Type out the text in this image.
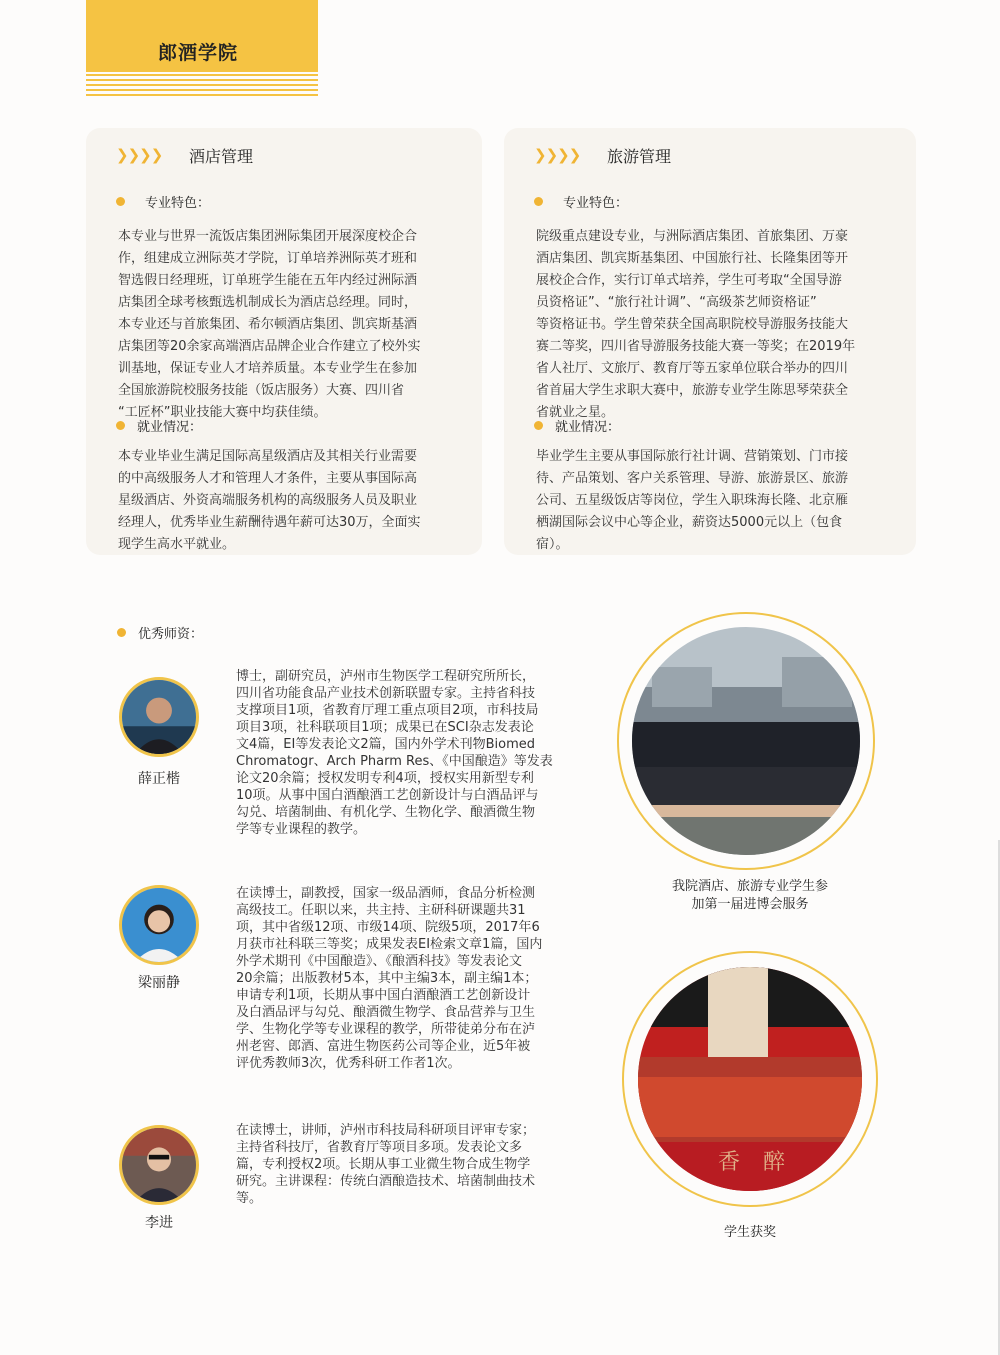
郎酒学院
❯❯❯❯ 酒店管理
专业特色：
本专业与世界一流饭店集团洲际集团开展深度校企合
作，组建成立洲际英才学院，订单培养洲际英才班和
智选假日经理班，订单班学生能在五年内经过洲际酒
店集团全球考核甄选机制成长为酒店总经理。同时，
本专业还与首旅集团、希尔顿酒店集团、凯宾斯基酒
店集团等20余家高端酒店品牌企业合作建立了校外实
训基地，保证专业人才培养质量。本专业学生在参加
全国旅游院校服务技能（饭店服务）大赛、四川省
“工匠杯”职业技能大赛中均获佳绩。
就业情况：
本专业毕业生满足国际高星级酒店及其相关行业需要
的中高级服务人才和管理人才条件，主要从事国际高
星级酒店、外资高端服务机构的高级服务人员及职业
经理人，优秀毕业生薪酬待遇年薪可达30万，全面实
现学生高水平就业。
❯❯❯❯ 旅游管理
专业特色：
院级重点建设专业，与洲际酒店集团、首旅集团、万豪
酒店集团、凯宾斯基集团、中国旅行社、长隆集团等开
展校企合作，实行订单式培养，学生可考取“全国导游
员资格证”、“旅行社计调”、“高级茶艺师资格证”
等资格证书。学生曾荣获全国高职院校导游服务技能大
赛二等奖，四川省导游服务技能大赛一等奖；在2019年
省人社厅、文旅厅、教育厅等五家单位联合举办的四川
省首届大学生求职大赛中，旅游专业学生陈思琴荣获全
省就业之星。
就业情况：
毕业学生主要从事国际旅行社计调、营销策划、门市接
待、产品策划、客户关系管理、导游、旅游景区、旅游
公司、五星级饭店等岗位，学生入职珠海长隆、北京雁
栖湖国际会议中心等企业，薪资达5000元以上（包食
宿）。
优秀师资：
薛正楷
博士，副研究员，泸州市生物医学工程研究所所长，
四川省功能食品产业技术创新联盟专家。主持省科技
支撑项目1项，省教育厅理工重点项目2项，市科技局
项目3项，社科联项目1项；成果已在SCI杂志发表论
文4篇，EI等发表论文2篇，国内外学术刊物Biomed
Chromatogr、Arch Pharm Res、《中国酿造》等发表
论文20余篇；授权发明专利4项，授权实用新型专利
10项。从事中国白酒酿酒工艺创新设计与白酒品评与
勾兑、培菌制曲、有机化学、生物化学、酿酒微生物
学等专业课程的教学。
梁丽静
在读博士，副教授，国家一级品酒师，食品分析检测
高级技工。任职以来，共主持、主研科研课题共31
项，其中省级12项、市级14项、院级5项，2017年6
月获市社科联三等奖；成果发表EI检索文章1篇，国内
外学术期刊《中国酿造》、《酿酒科技》等发表论文
20余篇；出版教材5本，其中主编3本，副主编1本；
申请专利1项，长期从事中国白酒酿酒工艺创新设计
及白酒品评与勾兑、酿酒微生物学、食品营养与卫生
学、生物化学等专业课程的教学，所带徒弟分布在泸
州老窖、郎酒、富进生物医药公司等企业，近5年被
评优秀教师3次，优秀科研工作者1次。
李进
在读博士，讲师，泸州市科技局科研项目评审专家；
主持省科技厅，省教育厅等项目多项。发表论文多
篇，专利授权2项。长期从事工业微生物合成生物学
研究。主讲课程：传统白酒酿造技术、培菌制曲技术
等。
我院酒店、旅游专业学生参
加第一届进博会服务
香 醉
学生获奖
